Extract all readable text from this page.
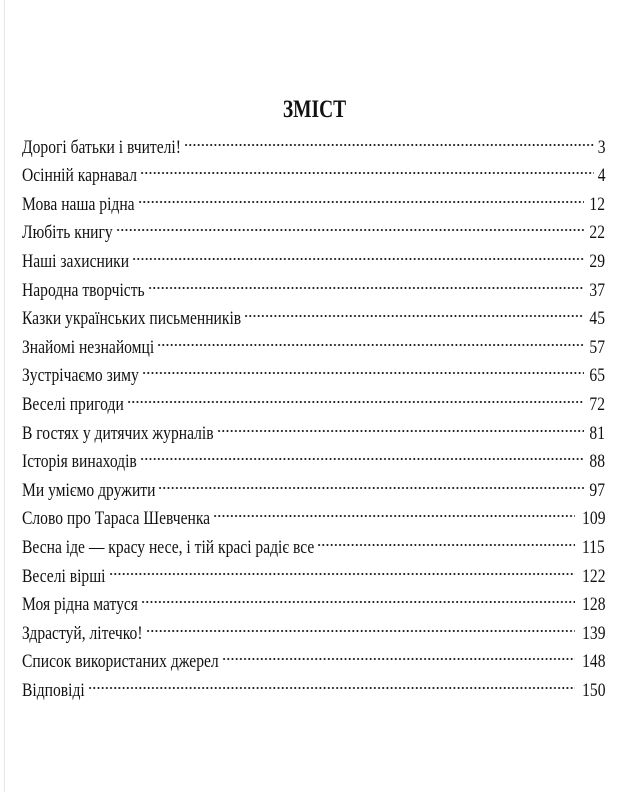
ЗМІСТ
Дорогі батьки і вчителі!	3
Осінній карнавал	4
Мова наша рідна	12
Любіть книгу	22
Наші захисники	29
Народна творчість	37
Казки українських письменників	45
Знайомі незнайомці	57
Зустрічаємо зиму	65
Веселі пригоди	72
В гостях у дитячих журналів	81
Історія винаходів	88
Ми уміємо дружити	97
Слово про Тараса Шевченка	109
Весна іде — красу несе, і тій красі радіє все	115
Веселі вірші	122
Моя рідна матуся	128
Здрастуй, літечко!	139
Список використаних джерел	148
Відповіді	150
